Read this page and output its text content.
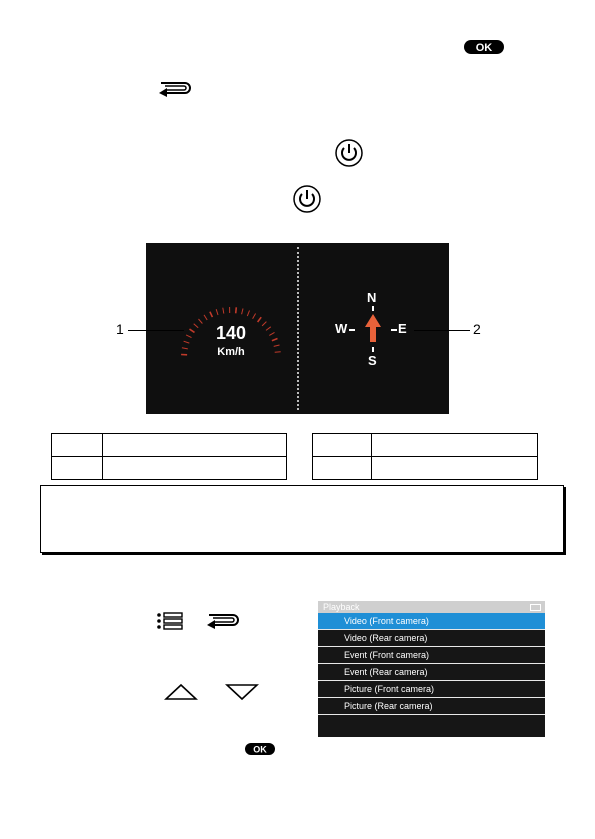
OK
140
Km/h
N
W	E
S
1	2

OK
Playback
Video (Front camera)
Video (Rear camera)
Event (Front camera)
Event (Rear camera)
Picture (Front camera)
Picture (Rear camera)
